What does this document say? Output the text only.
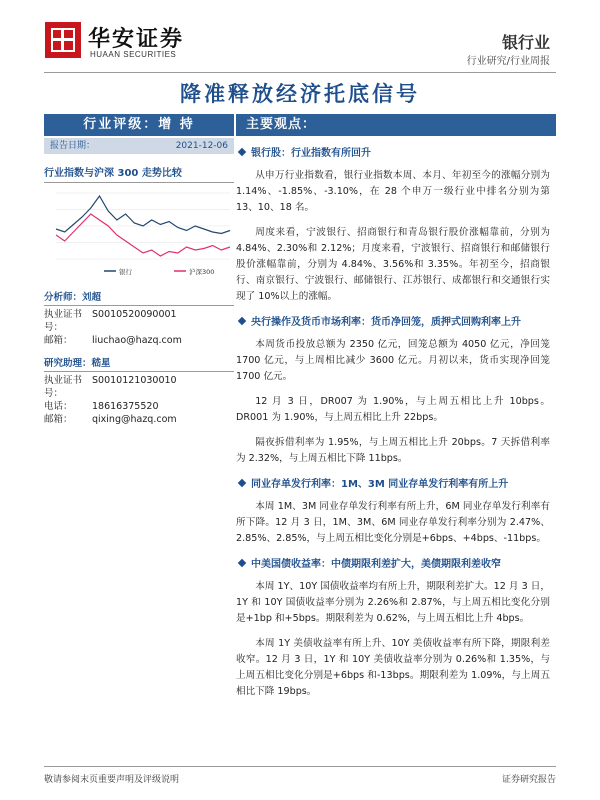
华安证券
HUAAN SECURITIES
银行业
行业研究/行业周报
降准释放经济托底信号
行业评级：增 持
报告日期：	2021-12-06
行业指数与沪深 300 走势比较
银行	沪深300
分析师：刘超
执业证书号：
S0010520090001
邮箱：	liuchao@hazq.com
研究助理：嵇星
执业证书号：
S0010121030010
电话：	18616375520
邮箱：	qixing@hazq.com
主要观点：
银行股：行业指数有所回升
从申万行业指数看，银行业指数本周、本月、年初至今的涨幅分别为 1.14%、-1.85%、-3.10%，在 28 个申万一级行业中排名分别为第 13、10、18 名。
周度来看，宁波银行、招商银行和青岛银行股价涨幅靠前，分别为 4.84%、2.30%和 2.12%；月度来看，宁波银行、招商银行和邮储银行股价涨幅靠前，分别为 4.84%、3.56%和 3.35%。年初至今，招商银行、南京银行、宁波银行、邮储银行、江苏银行、成都银行和交通银行实现了 10%以上的涨幅。
央行操作及货币市场利率：货币净回笼，质押式回购利率上升
本周货币投放总额为 2350 亿元，回笼总额为 4050 亿元，净回笼 1700 亿元，与上周相比减少 3600 亿元。月初以来，货币实现净回笼 1700 亿元。
12 月 3 日，DR007 为 1.90%，与上周五相比上升 10bps。DR001 为 1.90%，与上周五相比上升 22bps。
隔夜拆借利率为 1.95%，与上周五相比上升 20bps。7 天拆借利率为 2.32%，与上周五相比下降 11bps。
同业存单发行利率：1M、3M 同业存单发行利率有所上升
本周 1M、3M 同业存单发行利率有所上升，6M 同业存单发行利率有所下降。12 月 3 日，1M、3M、6M 同业存单发行利率分别为 2.47%、2.85%、2.85%，与上周五相比变化分别是+6bps、+4bps、-11bps。
中美国债收益率：中债期限利差扩大，美债期限利差收窄
本周 1Y、10Y 国债收益率均有所上升，期限利差扩大。12 月 3 日，1Y 和 10Y 国债收益率分别为 2.26%和 2.87%，与上周五相比变化分别是+1bp 和+5bps。期限利差为 0.62%，与上周五相比上升 4bps。
本周 1Y 美债收益率有所上升、10Y 美债收益率有所下降，期限利差收窄。12 月 3 日，1Y 和 10Y 美债收益率分别为 0.26%和 1.35%，与上周五相比变化分别是+6bps 和-13bps。期限利差为 1.09%，与上周五相比下降 19bps。
敬请参阅末页重要声明及评级说明	证券研究报告
